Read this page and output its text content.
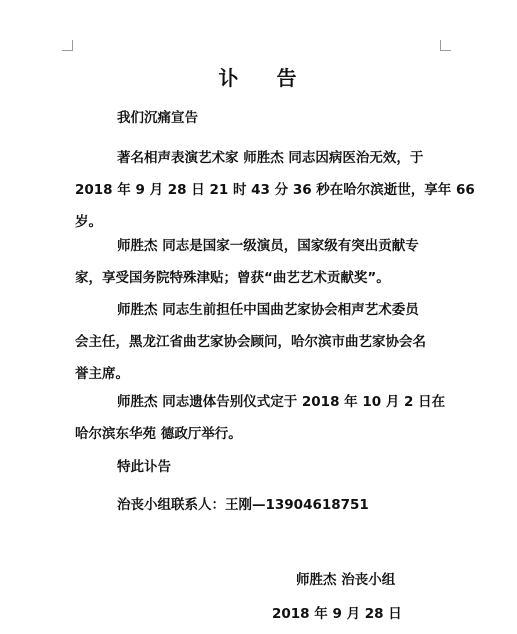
讣 告

我们沉痛宣告

著名相声表演艺术家 师胜杰 同志因病医治无效，于
2018 年 9 月 28 日 21 时 43 分 36 秒在哈尔滨逝世，享年 66
岁。
师胜杰 同志是国家一级演员，国家级有突出贡献专
家，享受国务院特殊津贴；曾获“曲艺艺术贡献奖”。
师胜杰 同志生前担任中国曲艺家协会相声艺术委员
会主任，黑龙江省曲艺家协会顾问，哈尔滨市曲艺家协会名
誉主席。
师胜杰 同志遗体告别仪式定于 2018 年 10 月 2 日在
哈尔滨东华苑 德政厅举行。

特此讣告

治丧小组联系人：王刚—13904618751

师胜杰 治丧小组

2018 年 9 月 28 日
